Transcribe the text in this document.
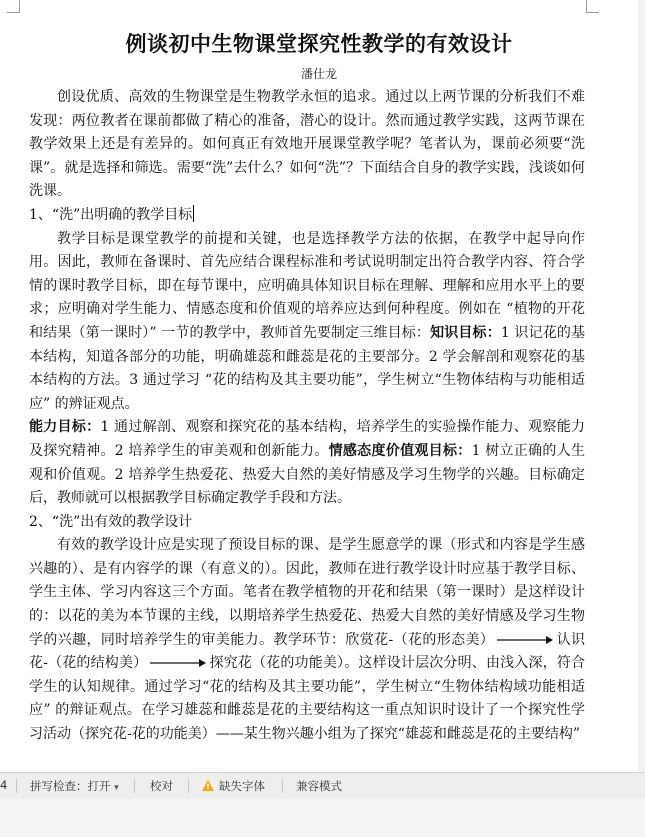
例谈初中生物课堂探究性教学的有效设计
潘仕龙

创设优质、高效的生物课堂是生物教学永恒的追求。通过以上两节课的分析我们不难发现：两位教者在课前都做了精心的准备，潜心的设计。然而通过教学实践，这两节课在教学效果上还是有差异的。如何真正有效地开展课堂教学呢？笔者认为，课前必须要“洗课”。就是选择和筛选。需要“洗”去什么？如何“洗”？下面结合自身的教学实践，浅谈如何洗课。

1、“洗”出明确的教学目标

教学目标是课堂教学的前提和关键，也是选择教学方法的依据，在教学中起导向作用。因此，教师在备课时、首先应结合课程标准和考试说明制定出符合教学内容、符合学情的课时教学目标，即在每节课中，应明确具体知识目标在理解、理解和应用水平上的要求；应明确对学生能力、情感态度和价值观的培养应达到何种程度。例如在 “植物的开花和结果（第一课时）” 一节的教学中，教师首先要制定三维目标：知识目标：1 识记花的基本结构，知道各部分的功能，明确雄蕊和雌蕊是花的主要部分。2 学会解剖和观察花的基本结构的方法。3 通过学习 “花的结构及其主要功能”，学生树立“生物体结构与功能相适应” 的辨证观点。

能力目标：1 通过解剖、观察和探究花的基本结构，培养学生的实验操作能力、观察能力及探究精神。2 培养学生的审美观和创新能力。情感态度价值观目标：1 树立正确的人生观和价值观。2 培养学生热爱花、热爱大自然的美好情感及学习生物学的兴趣。目标确定后，教师就可以根据教学目标确定教学手段和方法。

2、“洗”出有效的教学设计

有效的教学设计应是实现了预设目标的课、是学生愿意学的课（形式和内容是学生感兴趣的）、是有内容学的课（有意义的）。因此，教师在进行教学设计时应基于教学目标、学生主体、学习内容这三个方面。笔者在教学植物的开花和结果（第一课时）是这样设计的：以花的美为本节课的主线，以期培养学生热爱花、热爱大自然的美好情感及学习生物学的兴趣，同时培养学生的审美能力。教学环节：欣赏花-（花的形态美）	认识花-（花的结构美）	探究花（花的功能美）。这样设计层次分明、由浅入深，符合学生的认知规律。通过学习“花的结构及其主要功能”，学生树立“生物体结构域功能相适应” 的辩证观点。在学习雄蕊和雌蕊是花的主要结构这一重点知识时设计了一个探究性学习活动（探究花-花的功能美）——某生物兴趣小组为了探究“雄蕊和雌蕊是花的主要结构”

4 拼写检查：打开 ▾	校对	缺失字体	兼容模式
